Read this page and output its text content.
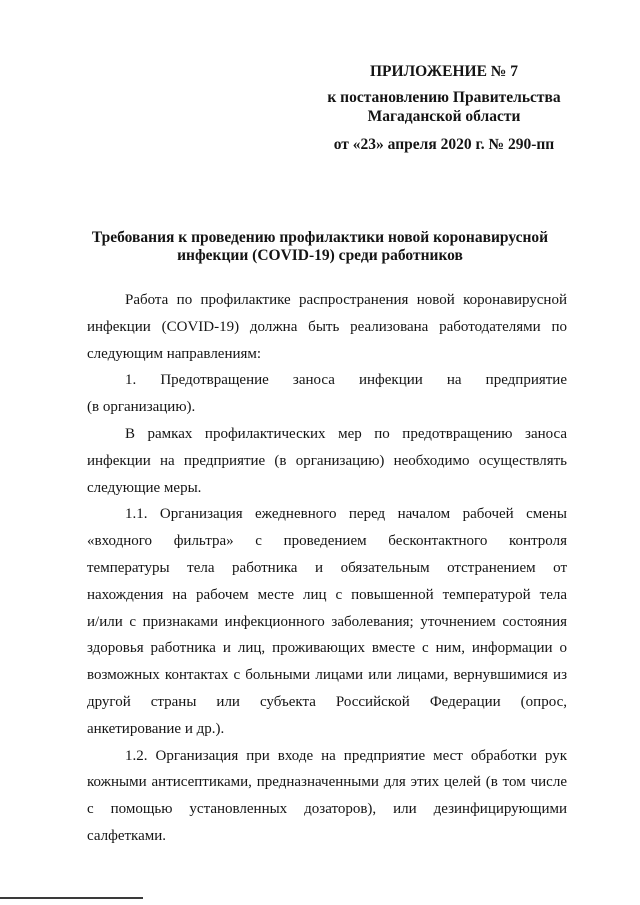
ПРИЛОЖЕНИЕ № 7
к постановлению Правительства
Магаданской области
от «23» апреля 2020 г. № 290-пп
Требования к проведению профилактики новой коронавирусной
инфекции (COVID-19) среди работников
Работа по профилактике распространения новой коронавирусной
инфекции (COVID-19) должна быть реализована работодателями по
следующим направлениям:
1. Предотвращение заноса инфекции на предприятие
(в организацию).
В рамках профилактических мер по предотвращению заноса
инфекции на предприятие (в организацию) необходимо осуществлять
следующие меры.
1.1. Организация ежедневного перед началом рабочей смены
«входного фильтра» с проведением бесконтактного контроля
температуры тела работника и обязательным отстранением от
нахождения на рабочем месте лиц с повышенной температурой тела
и/или с признаками инфекционного заболевания; уточнением состояния
здоровья работника и лиц, проживающих вместе с ним, информации о
возможных контактах с больными лицами или лицами, вернувшимися из
другой страны или субъекта Российской Федерации (опрос,
анкетирование и др.).
1.2. Организация при входе на предприятие мест обработки рук
кожными антисептиками, предназначенными для этих целей (в том числе
с помощью установленных дозаторов), или дезинфицирующими
салфетками.
